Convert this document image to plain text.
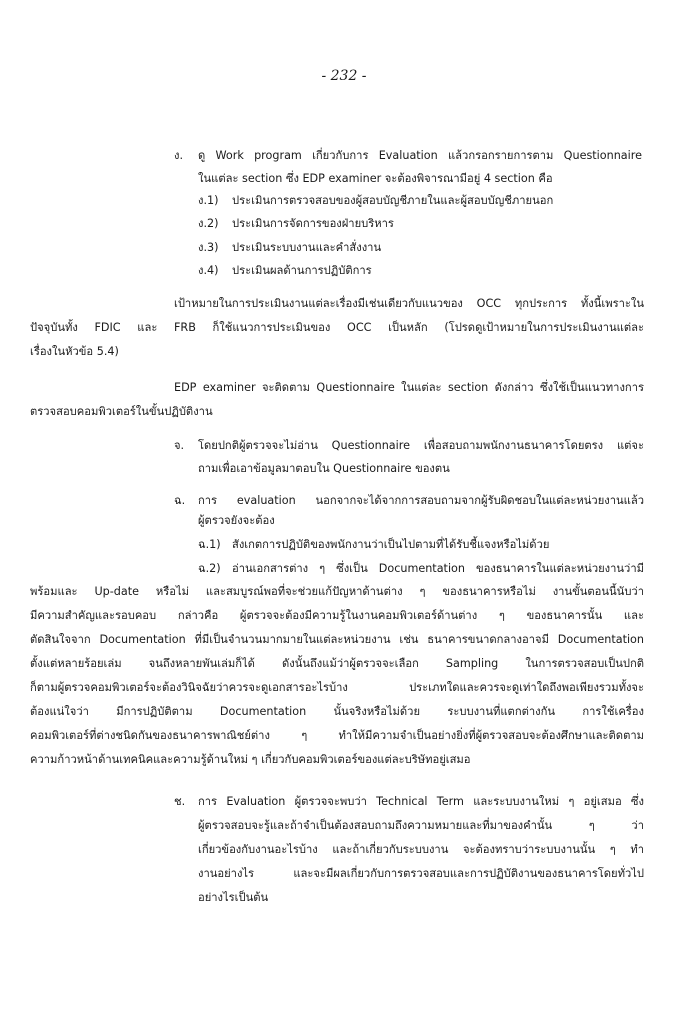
- 232 -
ง. ดู Work program เกี่ยวกับการ Evaluation แล้วกรอกรายการตาม Questionnaire
ในแต่ละ section ซึ่ง EDP examiner จะต้องพิจารณามีอยู่ 4 section คือ
ง.1) ประเมินการตรวจสอบของผู้สอบบัญชีภายในและผู้สอบบัญชีภายนอก
ง.2) ประเมินการจัดการของฝ่ายบริหาร
ง.3) ประเมินระบบงานและคำสั่งงาน
ง.4) ประเมินผลด้านการปฏิบัติการ
เป้าหมายในการประเมินงานแต่ละเรื่องมีเช่นเดียวกับแนวของ OCC ทุกประการ ทั้งนี้เพราะใน
ปัจจุบันทั้ง FDIC และ FRB ก็ใช้แนวการประเมินของ OCC เป็นหลัก (โปรดดูเป้าหมายในการประเมินงานแต่ละ
เรื่องในหัวข้อ 5.4)
EDP examiner จะติดตาม Questionnaire ในแต่ละ section ดังกล่าว ซึ่งใช้เป็นแนวทางการ
ตรวจสอบคอมพิวเตอร์ในขั้นปฏิบัติงาน
จ. โดยปกติผู้ตรวจจะไม่อ่าน Questionnaire เพื่อสอบถามพนักงานธนาคารโดยตรง แต่จะ
ถามเพื่อเอาข้อมูลมาตอบใน Questionnaire ของตน
ฉ. การ evaluation นอกจากจะได้จากการสอบถามจากผู้รับผิดชอบในแต่ละหน่วยงานแล้ว
ผู้ตรวจยังจะต้อง
ฉ.1) สังเกตการปฏิบัติของพนักงานว่าเป็นไปตามที่ได้รับชี้แจงหรือไม่ด้วย
ฉ.2) อ่านเอกสารต่าง ๆ ซึ่งเป็น Documentation ของธนาคารในแต่ละหน่วยงานว่ามี
พร้อมและ Up-date หรือไม่ และสมบูรณ์พอที่จะช่วยแก้ปัญหาด้านต่าง ๆ ของธนาคารหรือไม่ งานขั้นตอนนี้นับว่า
มีความสำคัญและรอบคอบ กล่าวคือ ผู้ตรวจจะต้องมีความรู้ในงานคอมพิวเตอร์ด้านต่าง ๆ ของธนาคารนั้น และ
ตัดสินใจจาก Documentation ที่มีเป็นจำนวนมากมายในแต่ละหน่วยงาน เช่น ธนาคารขนาดกลางอาจมี Documentation
ตั้งแต่หลายร้อยเล่ม จนถึงหลายพันเล่มก็ได้ ดังนั้นถึงแม้ว่าผู้ตรวจจะเลือก Sampling ในการตรวจสอบเป็นปกติ
ก็ตามผู้ตรวจคอมพิวเตอร์จะต้องวินิจฉัยว่าควรจะดูเอกสารอะไรบ้าง ประเภทใดและควรจะดูเท่าใดถึงพอเพียงรวมทั้งจะ
ต้องแน่ใจว่า มีการปฏิบัติตาม Documentation นั้นจริงหรือไม่ด้วย ระบบงานที่แตกต่างกัน การใช้เครื่อง
คอมพิวเตอร์ที่ต่างชนิดกันของธนาคารพาณิชย์ต่าง ๆ ทำให้มีความจำเป็นอย่างยิ่งที่ผู้ตรวจสอบจะต้องศึกษาและติดตาม
ความก้าวหน้าด้านเทคนิคและความรู้ด้านใหม่ ๆ เกี่ยวกับคอมพิวเตอร์ของแต่ละบริษัทอยู่เสมอ
ช. การ Evaluation ผู้ตรวจจะพบว่า Technical Term และระบบงานใหม่ ๆ อยู่เสมอ ซึ่ง
ผู้ตรวจสอบจะรู้และถ้าจำเป็นต้องสอบถามถึงความหมายและที่มาของคำนั้น ๆ ว่า
เกี่ยวข้องกับงานอะไรบ้าง และถ้าเกี่ยวกับระบบงาน จะต้องทราบว่าระบบงานนั้น ๆ ทำ
งานอย่างไร และจะมีผลเกี่ยวกับการตรวจสอบและการปฏิบัติงานของธนาคารโดยทั่วไป
อย่างไรเป็นต้น
